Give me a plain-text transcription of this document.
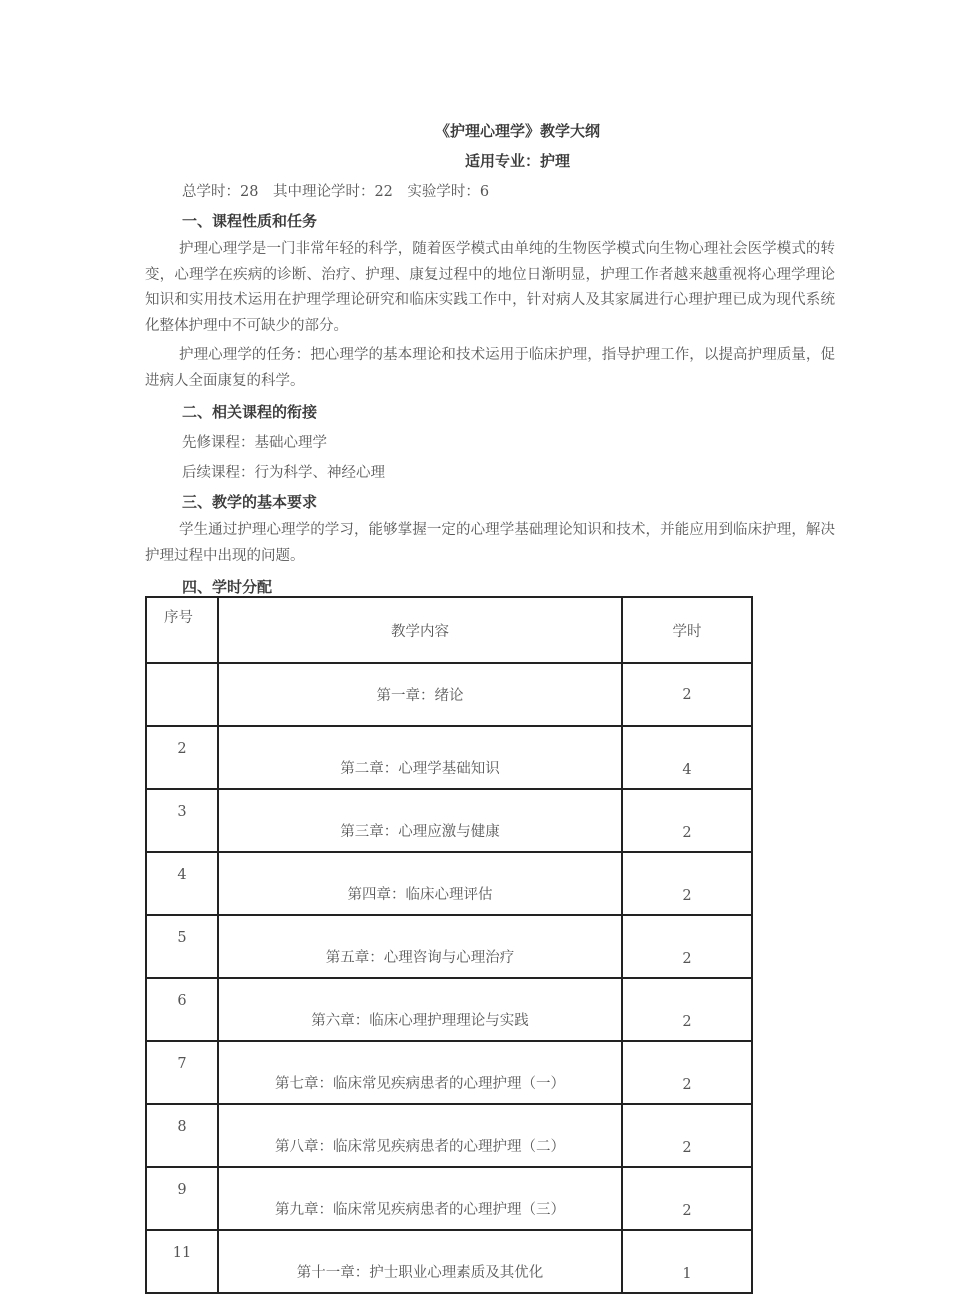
《护理心理学》教学大纲
适用专业：护理
总学时：28　其中理论学时：22　实验学时：6
一、课程性质和任务
护理心理学是一门非常年轻的科学，随着医学模式由单纯的生物医学模式向生物心理社会医学模式的转变，心理学在疾病的诊断、治疗、护理、康复过程中的地位日渐明显，护理工作者越来越重视将心理学理论知识和实用技术运用在护理学理论研究和临床实践工作中，针对病人及其家属进行心理护理已成为现代系统化整体护理中不可缺少的部分。
护理心理学的任务：把心理学的基本理论和技术运用于临床护理，指导护理工作，以提高护理质量，促进病人全面康复的科学。
二、相关课程的衔接
先修课程：基础心理学
后续课程：行为科学、神经心理
三、教学的基本要求
学生通过护理心理学的学习，能够掌握一定的心理学基础理论知识和技术，并能应用到临床护理，解决护理过程中出现的问题。
四、学时分配
序号	教学内容	学时
	第一章：绪论	2
2	第二章：心理学基础知识	4
3	第三章：心理应激与健康	2
4	第四章：临床心理评估	2
5	第五章：心理咨询与心理治疗	2
6	第六章：临床心理护理理论与实践	2
7	第七章：临床常见疾病患者的心理护理（一）	2
8	第八章：临床常见疾病患者的心理护理（二）	2
9	第九章：临床常见疾病患者的心理护理（三）	2
11	第十一章：护士职业心理素质及其优化	1
